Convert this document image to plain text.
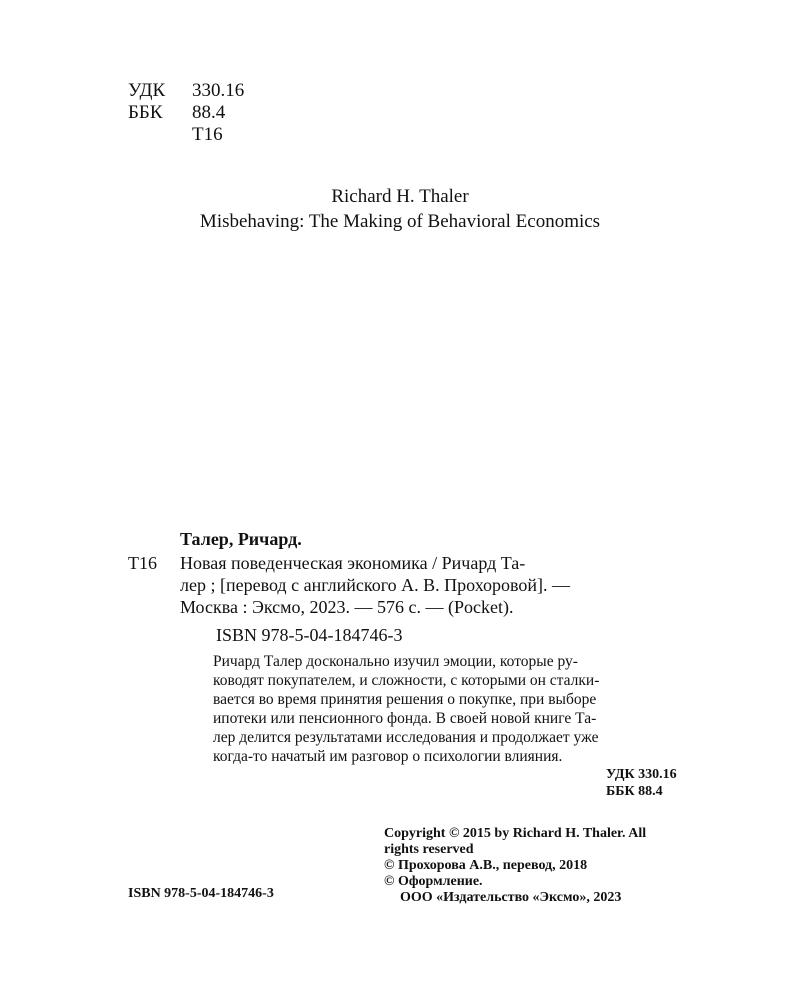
УДК	330.16
ББК	88.4
Т16
Richard H. Thaler
Misbehaving: The Making of Behavioral Economics
Талер, Ричард.
Т16 Новая поведенческая экономика / Ричард Та-
лер ; [перевод с английского А. В. Прохоровой]. —
Москва : Эксмо, 2023. — 576 с. — (Pocket).
ISBN 978-5-04-184746-3
Ричард Талер досконально изучил эмоции, которые ру-
ководят покупателем, и сложности, с которыми он сталки-
вается во время принятия решения о покупке, при выборе
ипотеки или пенсионного фонда. В своей новой книге Та-
лер делится результатами исследования и продолжает уже
когда-то начатый им разговор о психологии влияния.
УДК 330.16
ББК 88.4
Copyright © 2015 by Richard H. Thaler. All
rights reserved
© Прохорова А.В., перевод, 2018
© Оформление.
ООО «Издательство «Эксмо», 2023
ISBN 978-5-04-184746-3
